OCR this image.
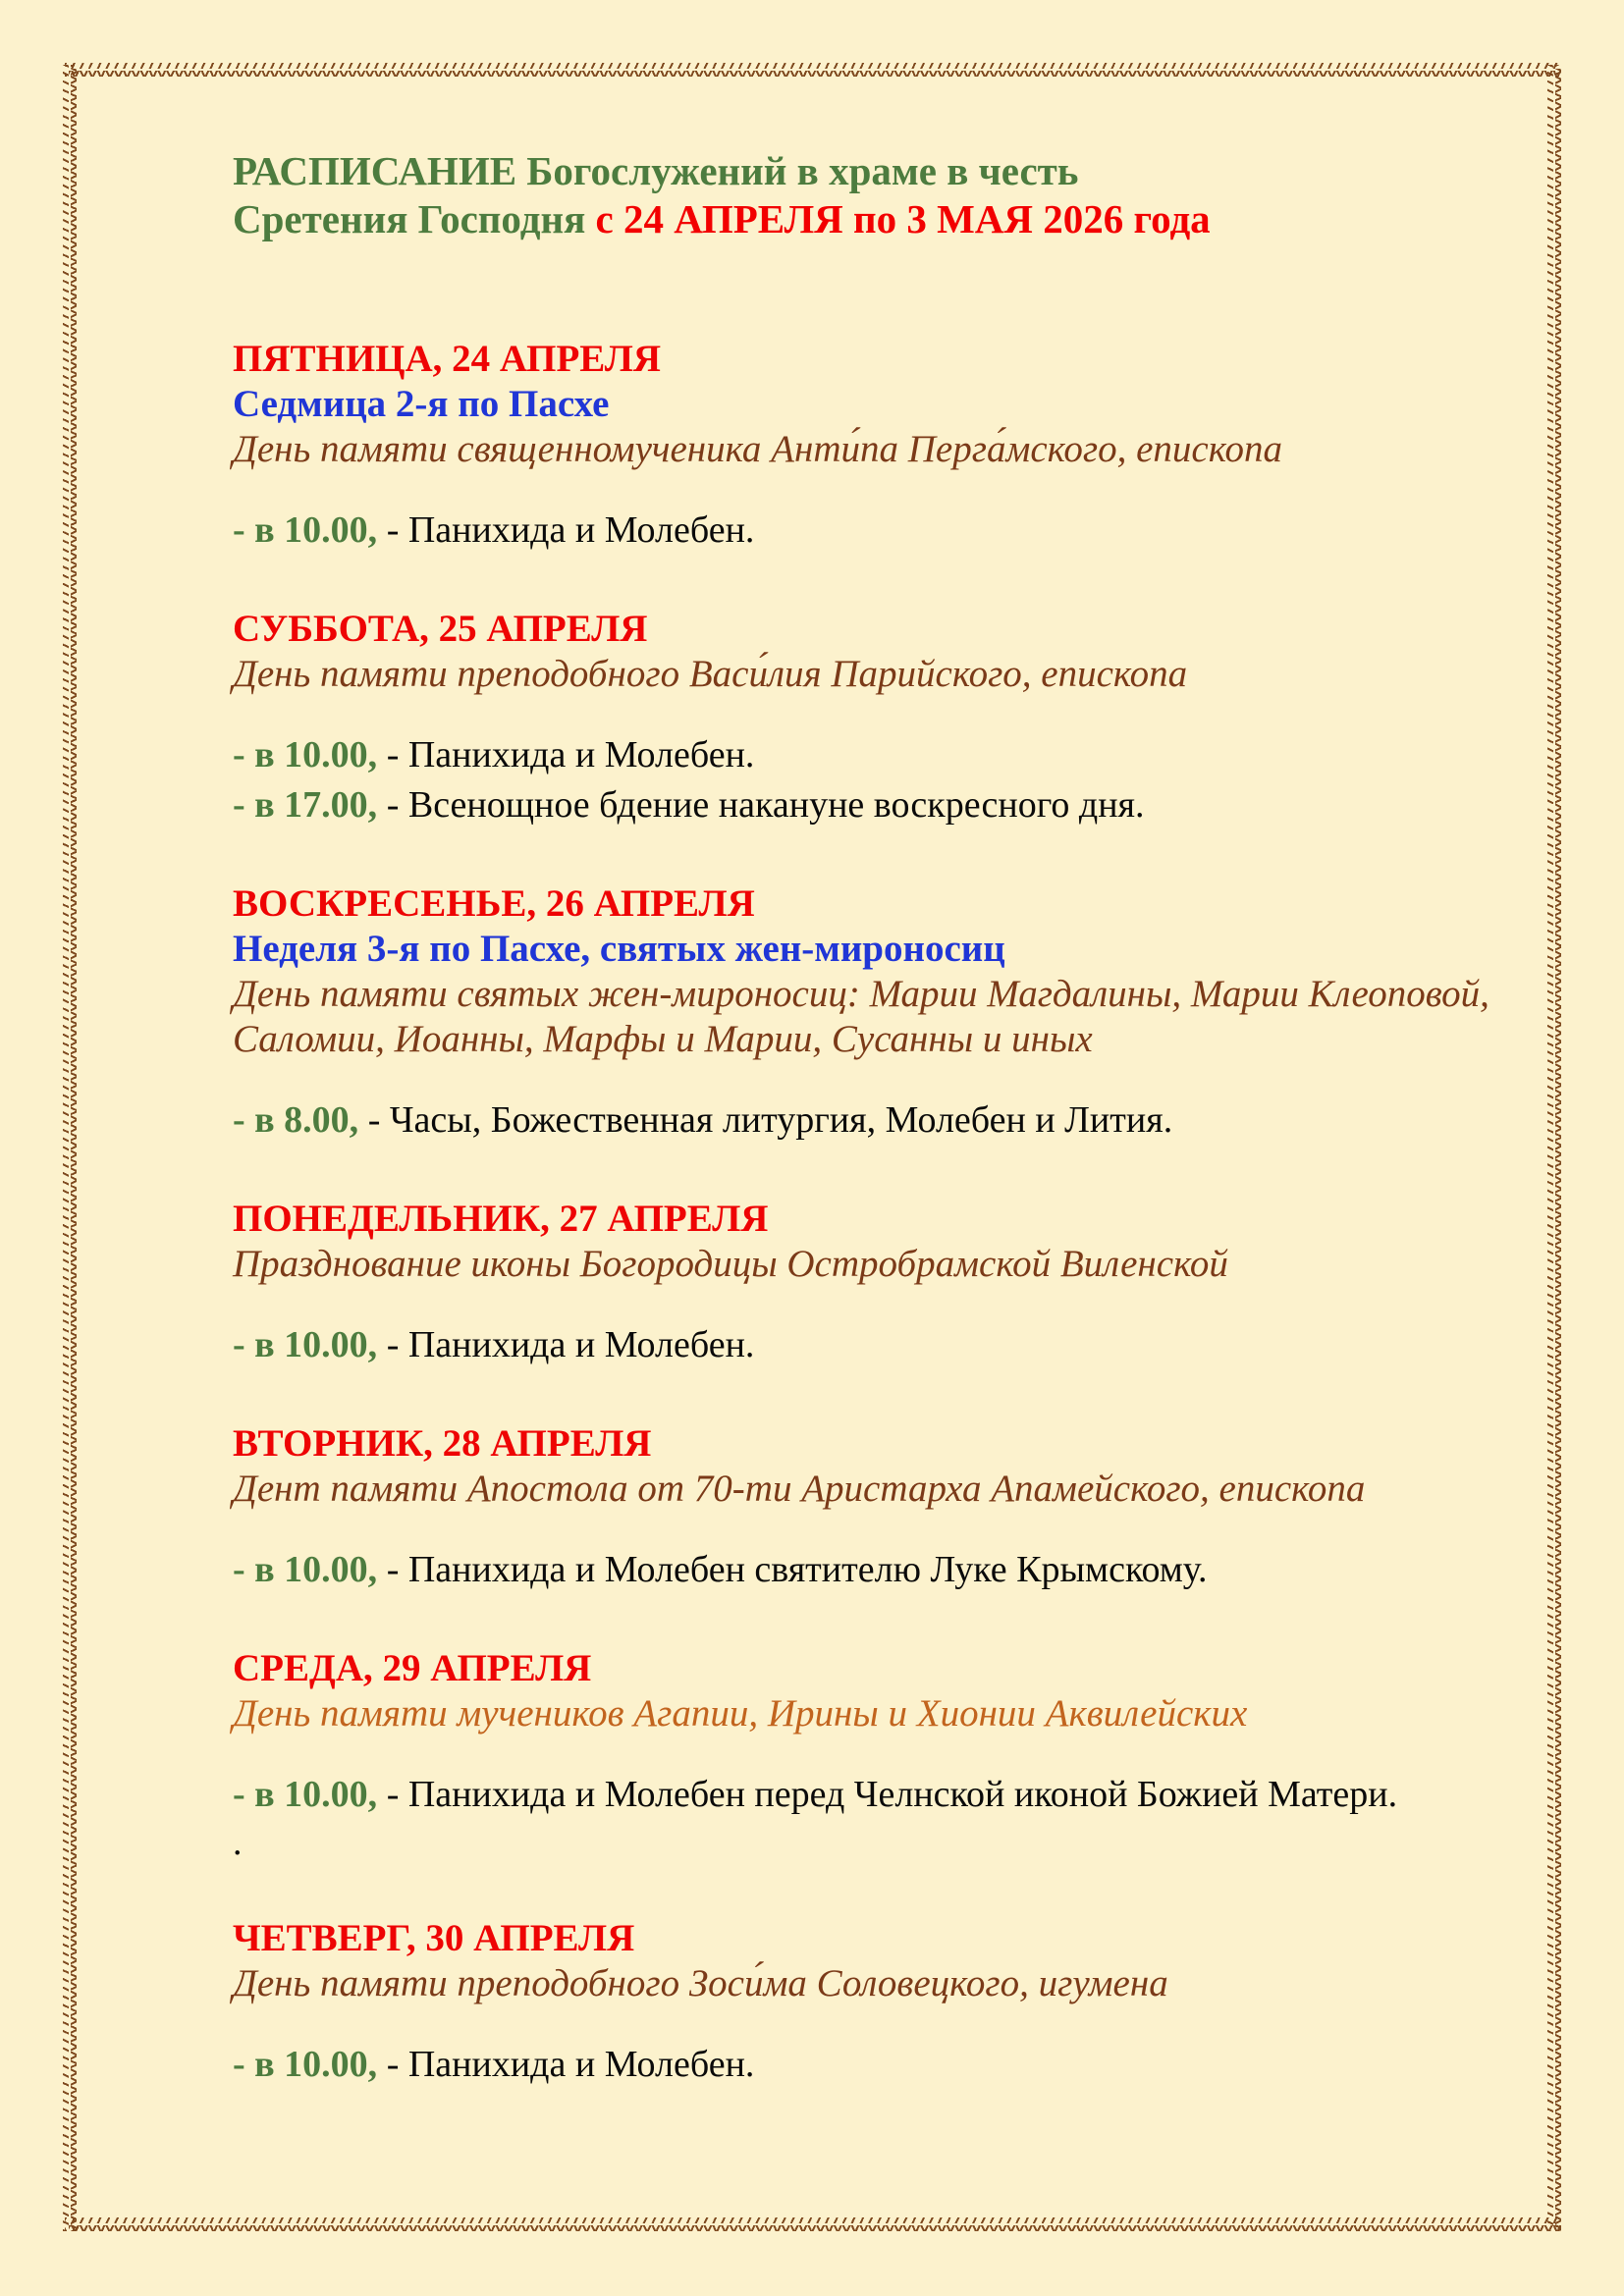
РАСПИСАНИЕ Богослужений в храме в честь
Сретения Господня с 24 АПРЕЛЯ по 3 МАЯ 2026 года
ПЯТНИЦА, 24 АПРЕЛЯ
Седмица 2-я по Пасхе
День памяти священномученика Анти́па Перга́мского, епископа
- в 10.00, - Панихида и Молебен.
СУББОТА, 25 АПРЕЛЯ
День памяти преподобного Васи́лия Парийского, епископа
- в 10.00, - Панихида и Молебен.
- в 17.00, - Всенощное бдение накануне воскресного дня.
ВОСКРЕСЕНЬЕ, 26 АПРЕЛЯ
Неделя 3-я по Пасхе, святых жен-мироносиц
День памяти святых жен-мироносиц: Марии Магдалины, Марии Клеоповой,
Саломии, Иоанны, Марфы и Марии, Сусанны и иных
- в 8.00, - Часы, Божественная литургия, Молебен и Лития.
ПОНЕДЕЛЬНИК, 27 АПРЕЛЯ
Празднование иконы Богородицы Остробрамской Виленской
- в 10.00, - Панихида и Молебен.
ВТОРНИК, 28 АПРЕЛЯ
Дент памяти Апостола от 70-ти Аристарха Апамейского, епископа
- в 10.00, - Панихида и Молебен святителю Луке Крымскому.
СРЕДА, 29 АПРЕЛЯ
День памяти мучеников Агапии, Ирины и Хионии Аквилейских
- в 10.00, - Панихида и Молебен перед Челнской иконой Божией Матери.
.
ЧЕТВЕРГ, 30 АПРЕЛЯ
День памяти преподобного Зоси́ма Соловецкого, игумена
- в 10.00, - Панихида и Молебен.
